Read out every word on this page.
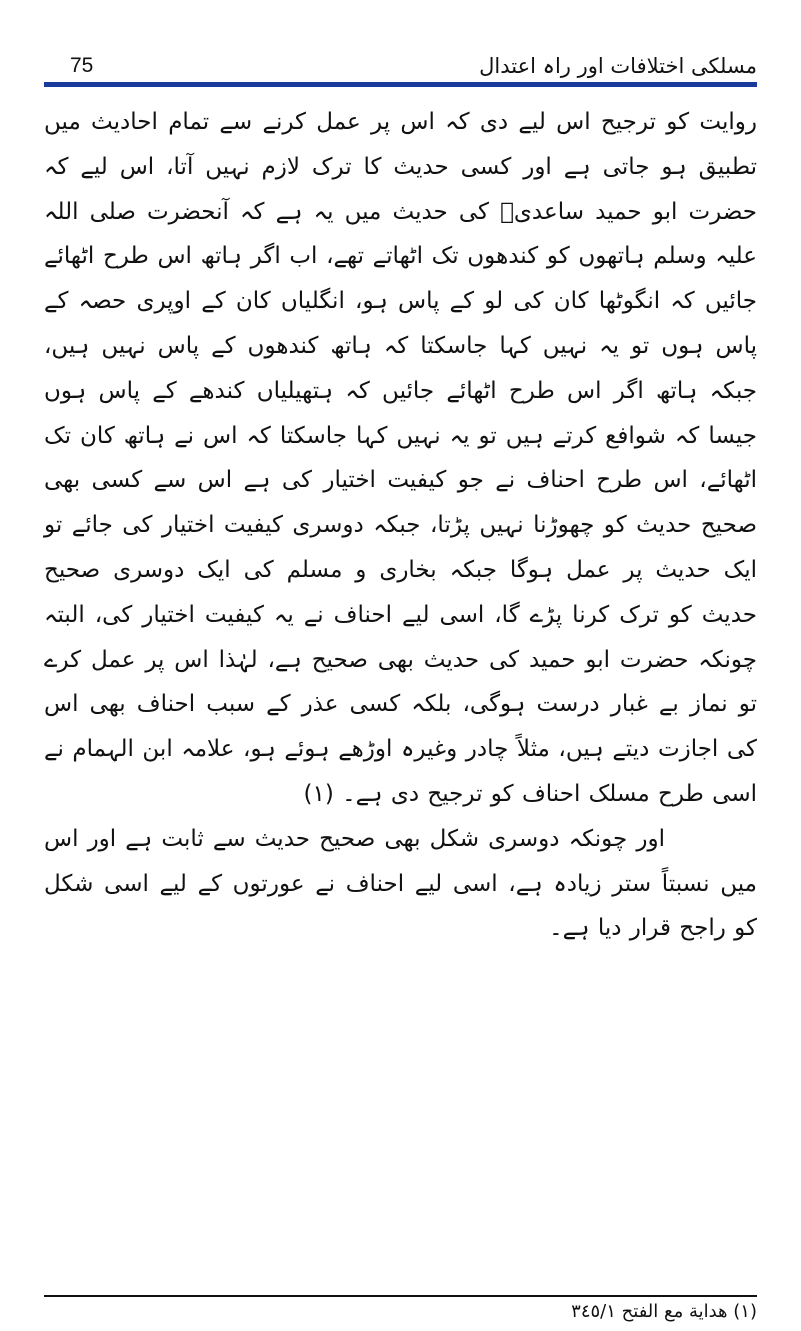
75	مسلکی اختلافات اور راہ اعتدال

روایت کو ترجیح اس لیے دی کہ اس پر عمل کرنے سے تمام احادیث میں تطبیق ہو جاتی ہے اور کسی حدیث کا ترک لازم نہیں آتا، اس لیے کہ حضرت ابو حمید ساعدیؓ کی حدیث میں یہ ہے کہ آنحضرت صلی اللہ علیہ وسلم ہاتھوں کو کندھوں تک اٹھاتے تھے، اب اگر ہاتھ اس طرح اٹھائے جائیں کہ انگوٹھا کان کی لو کے پاس ہو، انگلیاں کان کے اوپری حصہ کے پاس ہوں تو یہ نہیں کہا جاسکتا کہ ہاتھ کندھوں کے پاس نہیں ہیں، جبکہ ہاتھ اگر اس طرح اٹھائے جائیں کہ ہتھیلیاں کندھے کے پاس ہوں جیسا کہ شوافع کرتے ہیں تو یہ نہیں کہا جاسکتا کہ اس نے ہاتھ کان تک اٹھائے، اس طرح احناف نے جو کیفیت اختیار کی ہے اس سے کسی بھی صحیح حدیث کو چھوڑنا نہیں پڑتا، جبکہ دوسری کیفیت اختیار کی جائے تو ایک حدیث پر عمل ہوگا جبکہ بخاری و مسلم کی ایک دوسری صحیح حدیث کو ترک کرنا پڑے گا، اسی لیے احناف نے یہ کیفیت اختیار کی، البتہ چونکہ حضرت ابو حمید کی حدیث بھی صحیح ہے، لہٰذا اس پر عمل کرے تو نماز بے غبار درست ہوگی، بلکہ کسی عذر کے سبب احناف بھی اس کی اجازت دیتے ہیں، مثلاً چادر وغیرہ اوڑھے ہوئے ہو، علامہ ابن الہمام نے اسی طرح مسلک احناف کو ترجیح دی ہے۔ (۱)

اور چونکہ دوسری شکل بھی صحیح حدیث سے ثابت ہے اور اس میں نسبتاً ستر زیادہ ہے، اسی لیے احناف نے عورتوں کے لیے اسی شکل کو راجح قرار دیا ہے۔

(۱) هداية مع الفتح ۳٤٥/۱
